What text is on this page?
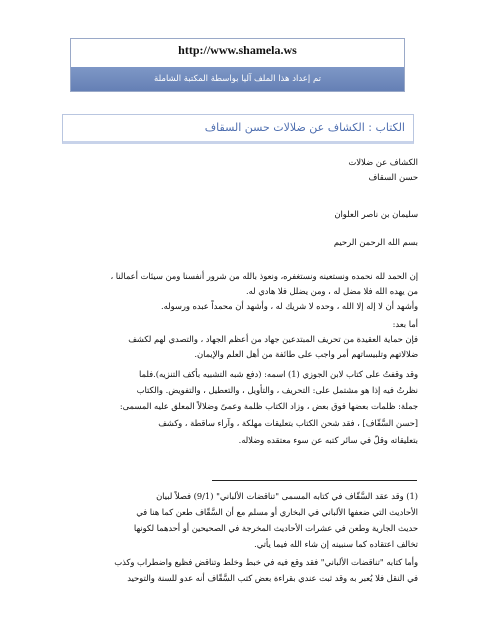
http://www.shamela.ws
تم إعداد هذا الملف آليا بواسطة المكتبة الشاملة
الكتاب : الكشاف عن ضلالات حسن السقاف
الكشاف عن ضلالات
حسن السقاف
سليمان بن ناصر العلوان
بسم الله الرحمن الرحيم
إن الحمد لله نحمده ونستعينه ونستغفره، ونعوذ بالله من شرور أنفسنا ومن سيئات أعمالنا ،
من يهده الله فلا مضل له ، ومن يضلل فلا هادي له.
وأشهد أن لا إله إلا الله ، وحده لا شريك له ، وأشهد أن محمداً عبده ورسوله.
أما بعد:
فإن حماية العقيدة من تحريف المبتدعين جهاد من أعظم الجهاد ، والتصدي لهم لكشف
ضلالاتهم وتلبيساتهم أمر واجب على طائفة من أهل العلم والإيمان.
وقد وقفتُ على كتاب لابن الجوزي (1) اسمه: (دفع شبه التشبيه بأكف التنزيه).فلما
نظرتُ فيه إذا هو مشتمل على: التحريف ، والتأويل ، والتعطيل ، والتفويض. والكتاب
جملة: ظلمات بعضها فوق بعض ، وزاد الكتاب ظلمة وعمىً وضلالاً المعلق عليه المسمى:
[حسن السَّقّاف] ، فقد شحن الكتاب بتعليقات مهلكة ، وآراء ساقطة ، وكشف
بتعليقاته وقلّ في سائر كتبه عن سوء معتقده وضلاله.
(1) وقد عقد السَّقّاف في كتابه المسمى "تناقضات الألباني" (9/1) فصلاً لبيان
الأحاديث التي ضعفها الألباني في البخاري أو مسلم مع أن السَّقّاف طعن كما هنا في
حديث الجارية وطعن في عشرات الأحاديث المخرجة في الصحيحين أو أحدهما لكونها
تخالف اعتقاده كما سنبينه إن شاء الله فيما يأتي.
وأما كتابه "تناقضات الألباني" فقد وقع فيه في خبط وخلط وتناقض فظيع واضطراب وكذب
في النقل فلا يُعبر به وقد ثبت عندي بقراءة بعض كتب السَّقّاف أنه عدو للسنة والتوحيد
